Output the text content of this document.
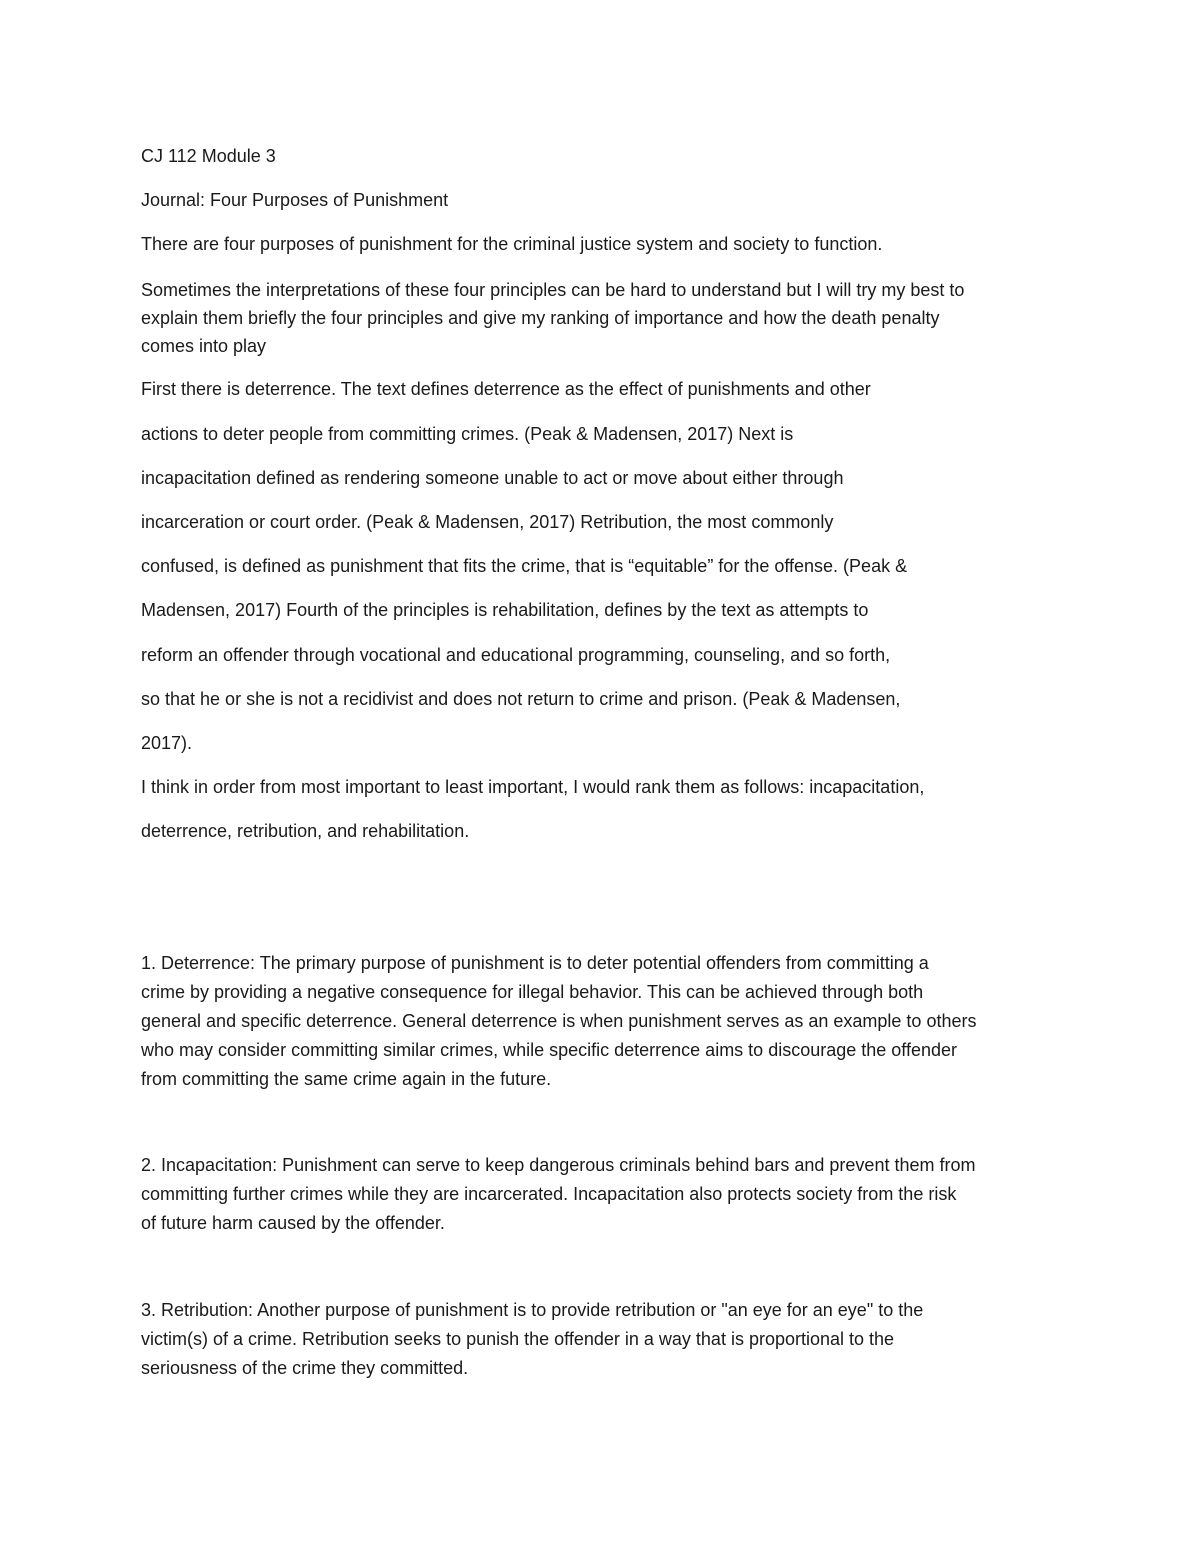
CJ 112 Module 3

Journal: Four Purposes of Punishment

There are four purposes of punishment for the criminal justice system and society to function.

Sometimes the interpretations of these four principles can be hard to understand but I will try my best to

explain them briefly the four principles and give my ranking of importance and how the death penalty

comes into play

First there is deterrence. The text defines deterrence as the effect of punishments and other

actions to deter people from committing crimes. (Peak & Madensen, 2017) Next is

incapacitation defined as rendering someone unable to act or move about either through

incarceration or court order. (Peak & Madensen, 2017) Retribution, the most commonly

confused, is defined as punishment that fits the crime, that is “equitable” for the offense. (Peak &

Madensen, 2017) Fourth of the principles is rehabilitation, defines by the text as attempts to

reform an offender through vocational and educational programming, counseling, and so forth,

so that he or she is not a recidivist and does not return to crime and prison. (Peak & Madensen,

2017).

I think in order from most important to least important, I would rank them as follows: incapacitation,

deterrence, retribution, and rehabilitation.

1. Deterrence: The primary purpose of punishment is to deter potential offenders from committing a

crime by providing a negative consequence for illegal behavior. This can be achieved through both

general and specific deterrence. General deterrence is when punishment serves as an example to others

who may consider committing similar crimes, while specific deterrence aims to discourage the offender

from committing the same crime again in the future.

2. Incapacitation: Punishment can serve to keep dangerous criminals behind bars and prevent them from

committing further crimes while they are incarcerated. Incapacitation also protects society from the risk

of future harm caused by the offender.

3. Retribution: Another purpose of punishment is to provide retribution or "an eye for an eye" to the

victim(s) of a crime. Retribution seeks to punish the offender in a way that is proportional to the

seriousness of the crime they committed.
